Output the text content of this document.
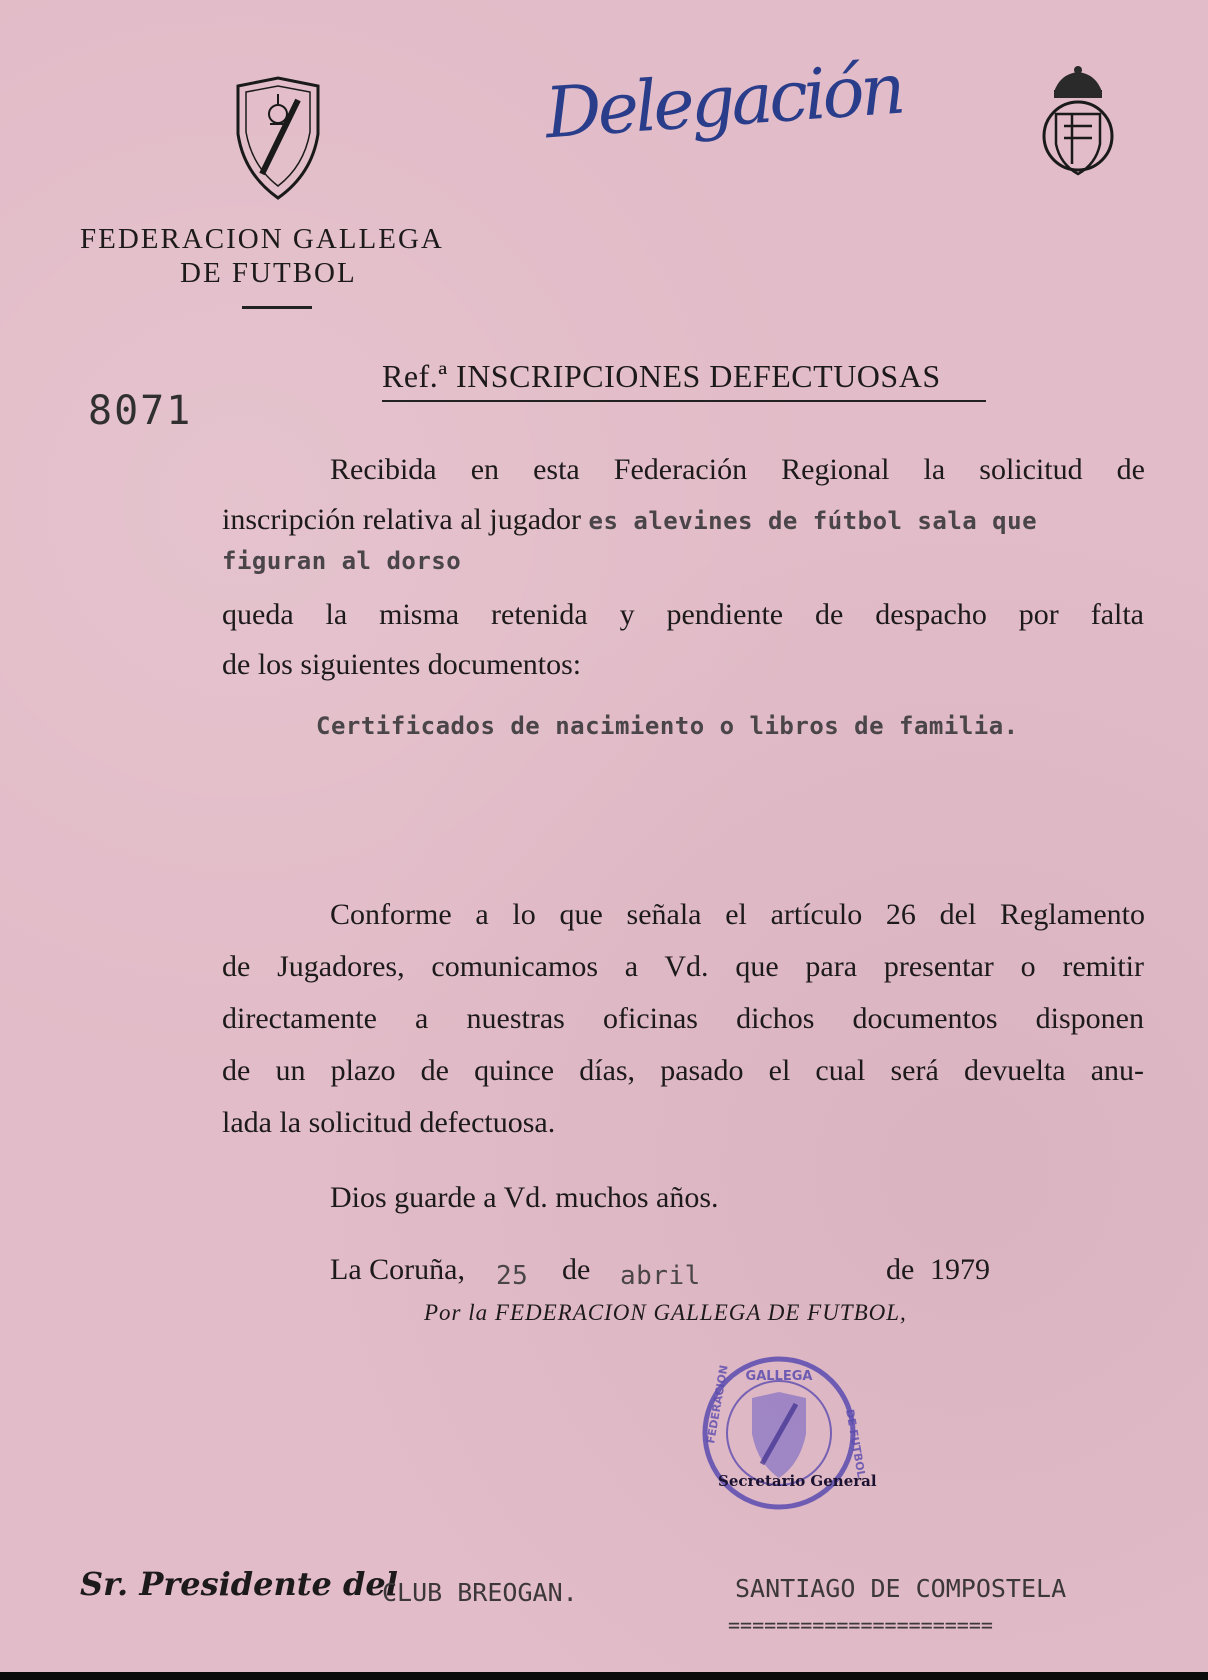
FEDERACION GALLEGA
DE FUTBOL
Delegación
8071
Ref.ª INSCRIPCIONES DEFECTUOSAS
Recibida en esta Federación Regional la solicitud de
inscripción relativa al jugador es alevines de fútbol sala que
figuran al dorso
queda la misma retenida y pendiente de despacho por falta
de los siguientes documentos:
Certificados de nacimiento o libros de familia.
Conforme a lo que señala el artículo 26 del Reglamento
de Jugadores, comunicamos a Vd. que para presentar o remitir
directamente a nuestras oficinas dichos documentos disponen
de un plazo de quince días, pasado el cual será devuelta anu-
lada la solicitud defectuosa.
Dios guarde a Vd. muchos años.
La Coruña, 25 de abril	de 1979
Por la FEDERACION GALLEGA DE FUTBOL,
GALLEGA
FEDERACION	DE FUTBOL
Secretario General
Sr. Presidente del
CLUB BREOGAN.	SANTIAGO DE COMPOSTELA
======================
